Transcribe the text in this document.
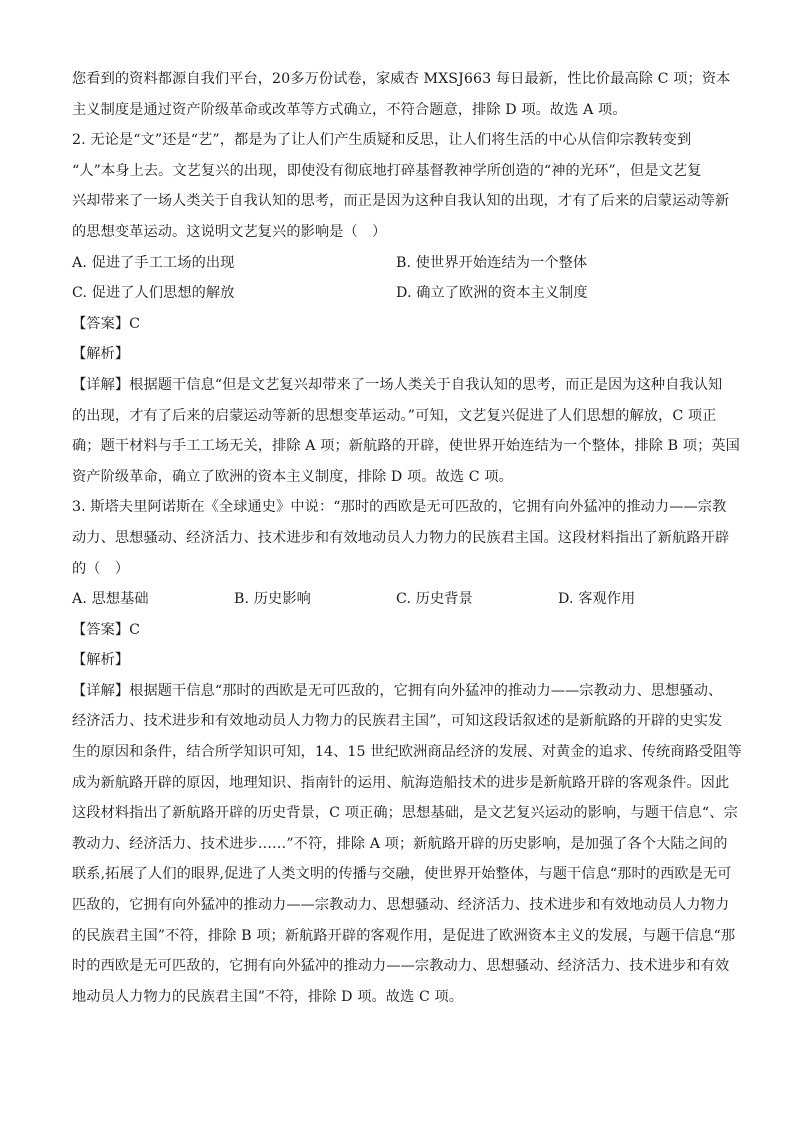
您看到的资料都源自我们平台，20多万份试卷，家威杏 MXSJ663 每日最新，性比价最高除 C 项；资本
主义制度是通过资产阶级革命或改革等方式确立，不符合题意，排除 D 项。故选 A 项。
2. 无论是“文”还是“艺”，都是为了让人们产生质疑和反思，让人们将生活的中心从信仰宗教转变到
“人”本身上去。文艺复兴的出现，即使没有彻底地打碎基督教神学所创造的“神的光环”，但是文艺复
兴却带来了一场人类关于自我认知的思考，而正是因为这种自我认知的出现，才有了后来的启蒙运动等新
的思想变革运动。这说明文艺复兴的影响是（　）
A. 促进了手工工场的出现	B. 使世界开始连结为一个整体
C. 促进了人们思想的解放	D. 确立了欧洲的资本主义制度
【答案】C
【解析】
【详解】根据题干信息“但是文艺复兴却带来了一场人类关于自我认知的思考，而正是因为这种自我认知
的出现，才有了后来的启蒙运动等新的思想变革运动。”可知，文艺复兴促进了人们思想的解放，C 项正
确；题干材料与手工工场无关，排除 A 项；新航路的开辟，使世界开始连结为一个整体，排除 B 项；英国
资产阶级革命，确立了欧洲的资本主义制度，排除 D 项。故选 C 项。
3. 斯塔夫里阿诺斯在《全球通史》中说：“那时的西欧是无可匹敌的，它拥有向外猛冲的推动力——宗教
动力、思想骚动、经济活力、技术进步和有效地动员人力物力的民族君主国。这段材料指出了新航路开辟
的（　）
A. 思想基础	B. 历史影响	C. 历史背景	D. 客观作用
【答案】C
【解析】
【详解】根据题干信息“那时的西欧是无可匹敌的，它拥有向外猛冲的推动力——宗教动力、思想骚动、
经济活力、技术进步和有效地动员人力物力的民族君主国”，可知这段话叙述的是新航路的开辟的史实发
生的原因和条件，结合所学知识可知，14、15 世纪欧洲商品经济的发展、对黄金的追求、传统商路受阻等
成为新航路开辟的原因，地理知识、指南针的运用、航海造船技术的进步是新航路开辟的客观条件。因此
这段材料指出了新航路开辟的历史背景，C 项正确；思想基础，是文艺复兴运动的影响，与题干信息“、宗
教动力、经济活力、技术进步……”不符，排除 A 项；新航路开辟的历史影响，是加强了各个大陆之间的
联系,拓展了人们的眼界,促进了人类文明的传播与交融，使世界开始整体，与题干信息“那时的西欧是无可
匹敌的，它拥有向外猛冲的推动力——宗教动力、思想骚动、经济活力、技术进步和有效地动员人力物力
的民族君主国”不符，排除 B 项；新航路开辟的客观作用，是促进了欧洲资本主义的发展，与题干信息“那
时的西欧是无可匹敌的，它拥有向外猛冲的推动力——宗教动力、思想骚动、经济活力、技术进步和有效
地动员人力物力的民族君主国”不符，排除 D 项。故选 C 项。
